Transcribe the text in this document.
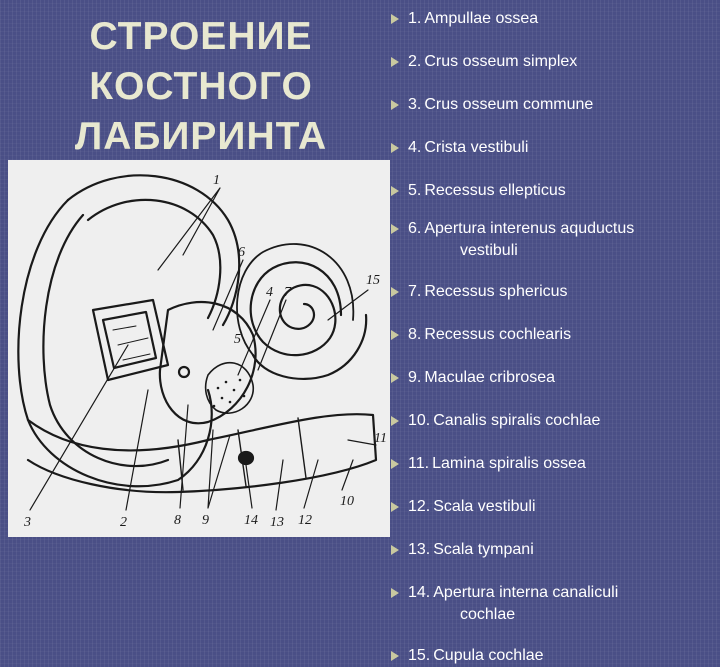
СТРОЕНИЕ
КОСТНОГО
ЛАБИРИНТА
1
6
4 7
5
15
3	2	8 9	14 13 12
10
11
1. Ampullae ossea
2. Crus osseum simplex
3. Crus osseum commune
4. Crista vestibuli
5. Recessus ellepticus
6. Apertura interenus aquductus
vestibuli
7. Recessus sphericus
8. Recessus cochlearis
9. Maculae cribrosea
10. Canalis spiralis cochlae
11. Lamina spiralis ossea
12. Scala vestibuli
13. Scala tympani
14. Apertura interna canaliculi
cochlae
15. Cupula cochlae
